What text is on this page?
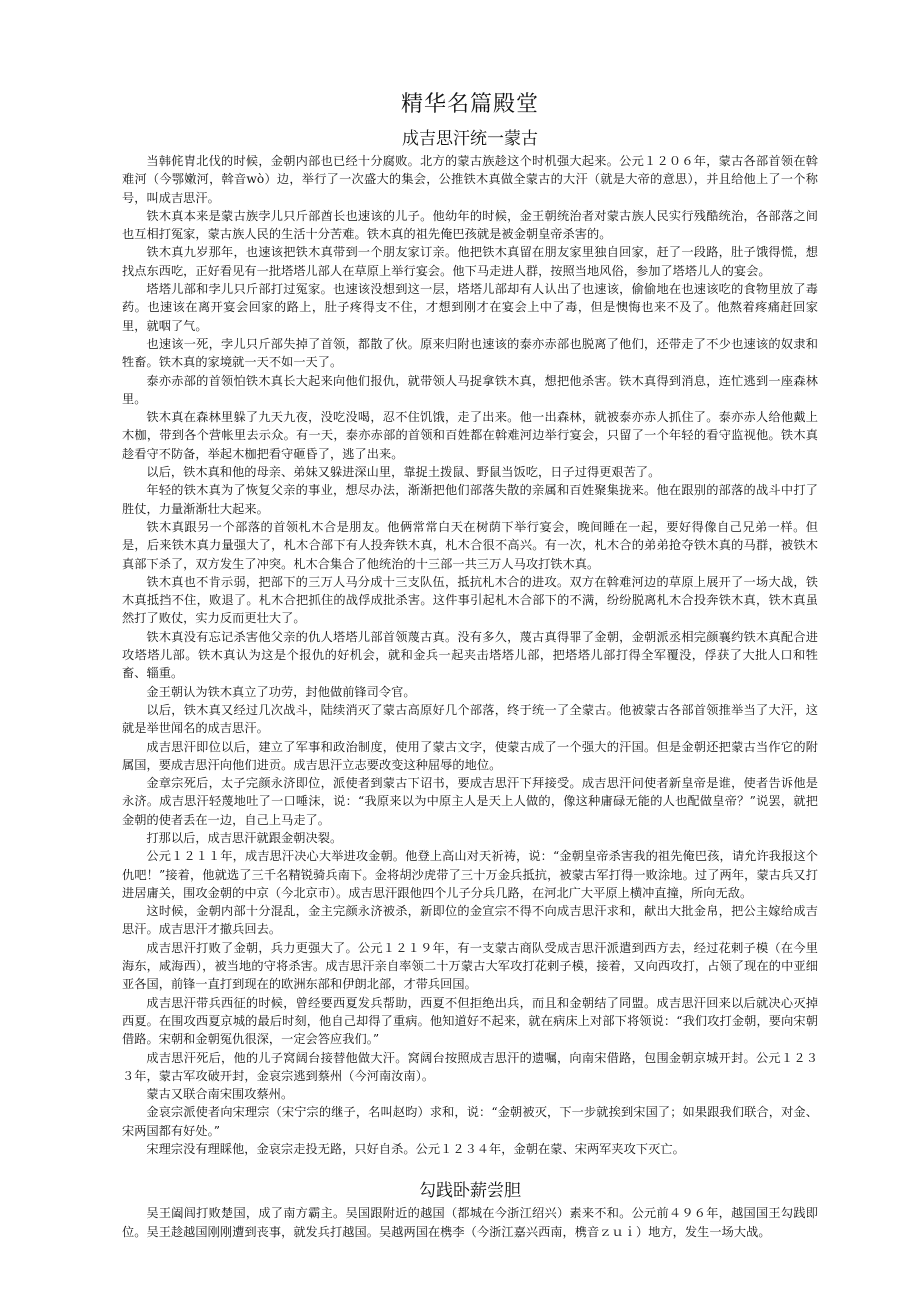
精华名篇殿堂
成吉思汗统一蒙古

当韩侂胄北伐的时候，金朝内部也已经十分腐败。北方的蒙古族趁这个时机强大起来。公元１２０６年，蒙古各部首领在斡难河（今鄂嫩河，斡音wò）边，举行了一次盛大的集会，公推铁木真做全蒙古的大汗（就是大帝的意思），并且给他上了一个称号，叫成吉思汗。

铁木真本来是蒙古族孛儿只斤部酋长也速该的儿子。他幼年的时候，金王朝统治者对蒙古族人民实行残酷统治，各部落之间也互相打冤家，蒙古族人民的生活十分苦难。铁木真的祖先俺巴孩就是被金朝皇帝杀害的。

铁木真九岁那年，也速该把铁木真带到一个朋友家订亲。他把铁木真留在朋友家里独自回家，赶了一段路，肚子饿得慌，想找点东西吃，正好看见有一批塔塔儿部人在草原上举行宴会。他下马走进人群，按照当地风俗，参加了塔塔儿人的宴会。

塔塔儿部和孛儿只斤部打过冤家。也速该没想到这一层，塔塔儿部却有人认出了也速该，偷偷地在也速该吃的食物里放了毒药。也速该在离开宴会回家的路上，肚子疼得支不住，才想到刚才在宴会上中了毒，但是懊悔也来不及了。他熬着疼痛赶回家里，就咽了气。

也速该一死，孛儿只斤部失掉了首领，都散了伙。原来归附也速该的泰亦赤部也脱离了他们，还带走了不少也速该的奴隶和牲畜。铁木真的家境就一天不如一天了。

泰亦赤部的首领怕铁木真长大起来向他们报仇，就带领人马捉拿铁木真，想把他杀害。铁木真得到消息，连忙逃到一座森林里。

铁木真在森林里躲了九天九夜，没吃没喝，忍不住饥饿，走了出来。他一出森林，就被泰亦赤人抓住了。泰亦赤人给他戴上木枷，带到各个营帐里去示众。有一天，泰亦赤部的首领和百姓都在斡难河边举行宴会，只留了一个年轻的看守监视他。铁木真趁看守不防备，举起木枷把看守砸昏了，逃了出来。

以后，铁木真和他的母亲、弟妹又躲进深山里，靠捉土拨鼠、野鼠当饭吃，日子过得更艰苦了。

年轻的铁木真为了恢复父亲的事业，想尽办法，渐渐把他们部落失散的亲属和百姓聚集拢来。他在跟别的部落的战斗中打了胜仗，力量渐渐壮大起来。

铁木真跟另一个部落的首领札木合是朋友。他俩常常白天在树荫下举行宴会，晚间睡在一起，要好得像自己兄弟一样。但是，后来铁木真力量强大了，札木合部下有人投奔铁木真，札木合很不高兴。有一次，札木合的弟弟抢夺铁木真的马群，被铁木真部下杀了，双方发生了冲突。札木合集合了他统治的十三部一共三万人马攻打铁木真。

铁木真也不肯示弱，把部下的三万人马分成十三支队伍，抵抗札木合的进攻。双方在斡难河边的草原上展开了一场大战，铁木真抵挡不住，败退了。札木合把抓住的战俘成批杀害。这件事引起札木合部下的不满，纷纷脱离札木合投奔铁木真，铁木真虽然打了败仗，实力反而更壮大了。

铁木真没有忘记杀害他父亲的仇人塔塔儿部首领蔑古真。没有多久，蔑古真得罪了金朝，金朝派丞相完颜襄约铁木真配合进攻塔塔儿部。铁木真认为这是个报仇的好机会，就和金兵一起夹击塔塔儿部，把塔塔儿部打得全军覆没，俘获了大批人口和牲畜、辎重。

金王朝认为铁木真立了功劳，封他做前锋司令官。

以后，铁木真又经过几次战斗，陆续消灭了蒙古高原好几个部落，终于统一了全蒙古。他被蒙古各部首领推举当了大汗，这就是举世闻名的成吉思汗。

成吉思汗即位以后，建立了军事和政治制度，使用了蒙古文字，使蒙古成了一个强大的汗国。但是金朝还把蒙古当作它的附属国，要成吉思汗向他们进贡。成吉思汗立志要改变这种屈辱的地位。

金章宗死后，太子完颜永济即位，派使者到蒙古下诏书，要成吉思汗下拜接受。成吉思汗问使者新皇帝是谁，使者告诉他是永济。成吉思汗轻蔑地吐了一口唾沫，说：“我原来以为中原主人是天上人做的，像这种庸碌无能的人也配做皇帝？”说罢，就把金朝的使者丢在一边，自己上马走了。

打那以后，成吉思汗就跟金朝决裂。

公元１２１１年，成吉思汗决心大举进攻金朝。他登上高山对天祈祷，说：“金朝皇帝杀害我的祖先俺巴孩，请允许我报这个仇吧！”接着，他就选了三千名精锐骑兵南下。金将胡沙虎带了三十万金兵抵抗，被蒙古军打得一败涂地。过了两年，蒙古兵又打进居庸关，围攻金朝的中京（今北京市）。成吉思汗跟他四个儿子分兵几路，在河北广大平原上横冲直撞，所向无敌。

这时候，金朝内部十分混乱，金主完颜永济被杀，新即位的金宣宗不得不向成吉思汗求和，献出大批金帛，把公主嫁给成吉思汗。成吉思汗才撤兵回去。

成吉思汗打败了金朝，兵力更强大了。公元１２１９年，有一支蒙古商队受成吉思汗派遣到西方去，经过花剌子模（在今里海东，咸海西），被当地的守将杀害。成吉思汗亲自率领二十万蒙古大军攻打花剌子模，接着，又向西攻打，占领了现在的中亚细亚各国，前锋一直打到现在的欧洲东部和伊朗北部，才带兵回国。

成吉思汗带兵西征的时候，曾经要西夏发兵帮助，西夏不但拒绝出兵，而且和金朝结了同盟。成吉思汗回来以后就决心灭掉西夏。在围攻西夏京城的最后时刻，他自己却得了重病。他知道好不起来，就在病床上对部下将领说：“我们攻打金朝，要向宋朝借路。宋朝和金朝冤仇很深，一定会答应我们。”

成吉思汗死后，他的儿子窝阔台接替他做大汗。窝阔台按照成吉思汗的遗嘱，向南宋借路，包围金朝京城开封。公元１２３３年，蒙古军攻破开封，金哀宗逃到蔡州（今河南汝南）。

蒙古又联合南宋围攻蔡州。

金哀宗派使者向宋理宗（宋宁宗的继子，名叫赵昀）求和，说：“金朝被灭，下一步就挨到宋国了；如果跟我们联合，对金、宋两国都有好处。”

宋理宗没有理睬他，金哀宗走投无路，只好自杀。公元１２３４年，金朝在蒙、宋两军夹攻下灭亡。

勾践卧薪尝胆

吴王阖闾打败楚国，成了南方霸主。吴国跟附近的越国（都城在今浙江绍兴）素来不和。公元前４９６年，越国国王勾践即位。吴王趁越国刚刚遭到丧事，就发兵打越国。吴越两国在槜李（今浙江嘉兴西南，槜音ｚｕｉ）地方，发生一场大战。
